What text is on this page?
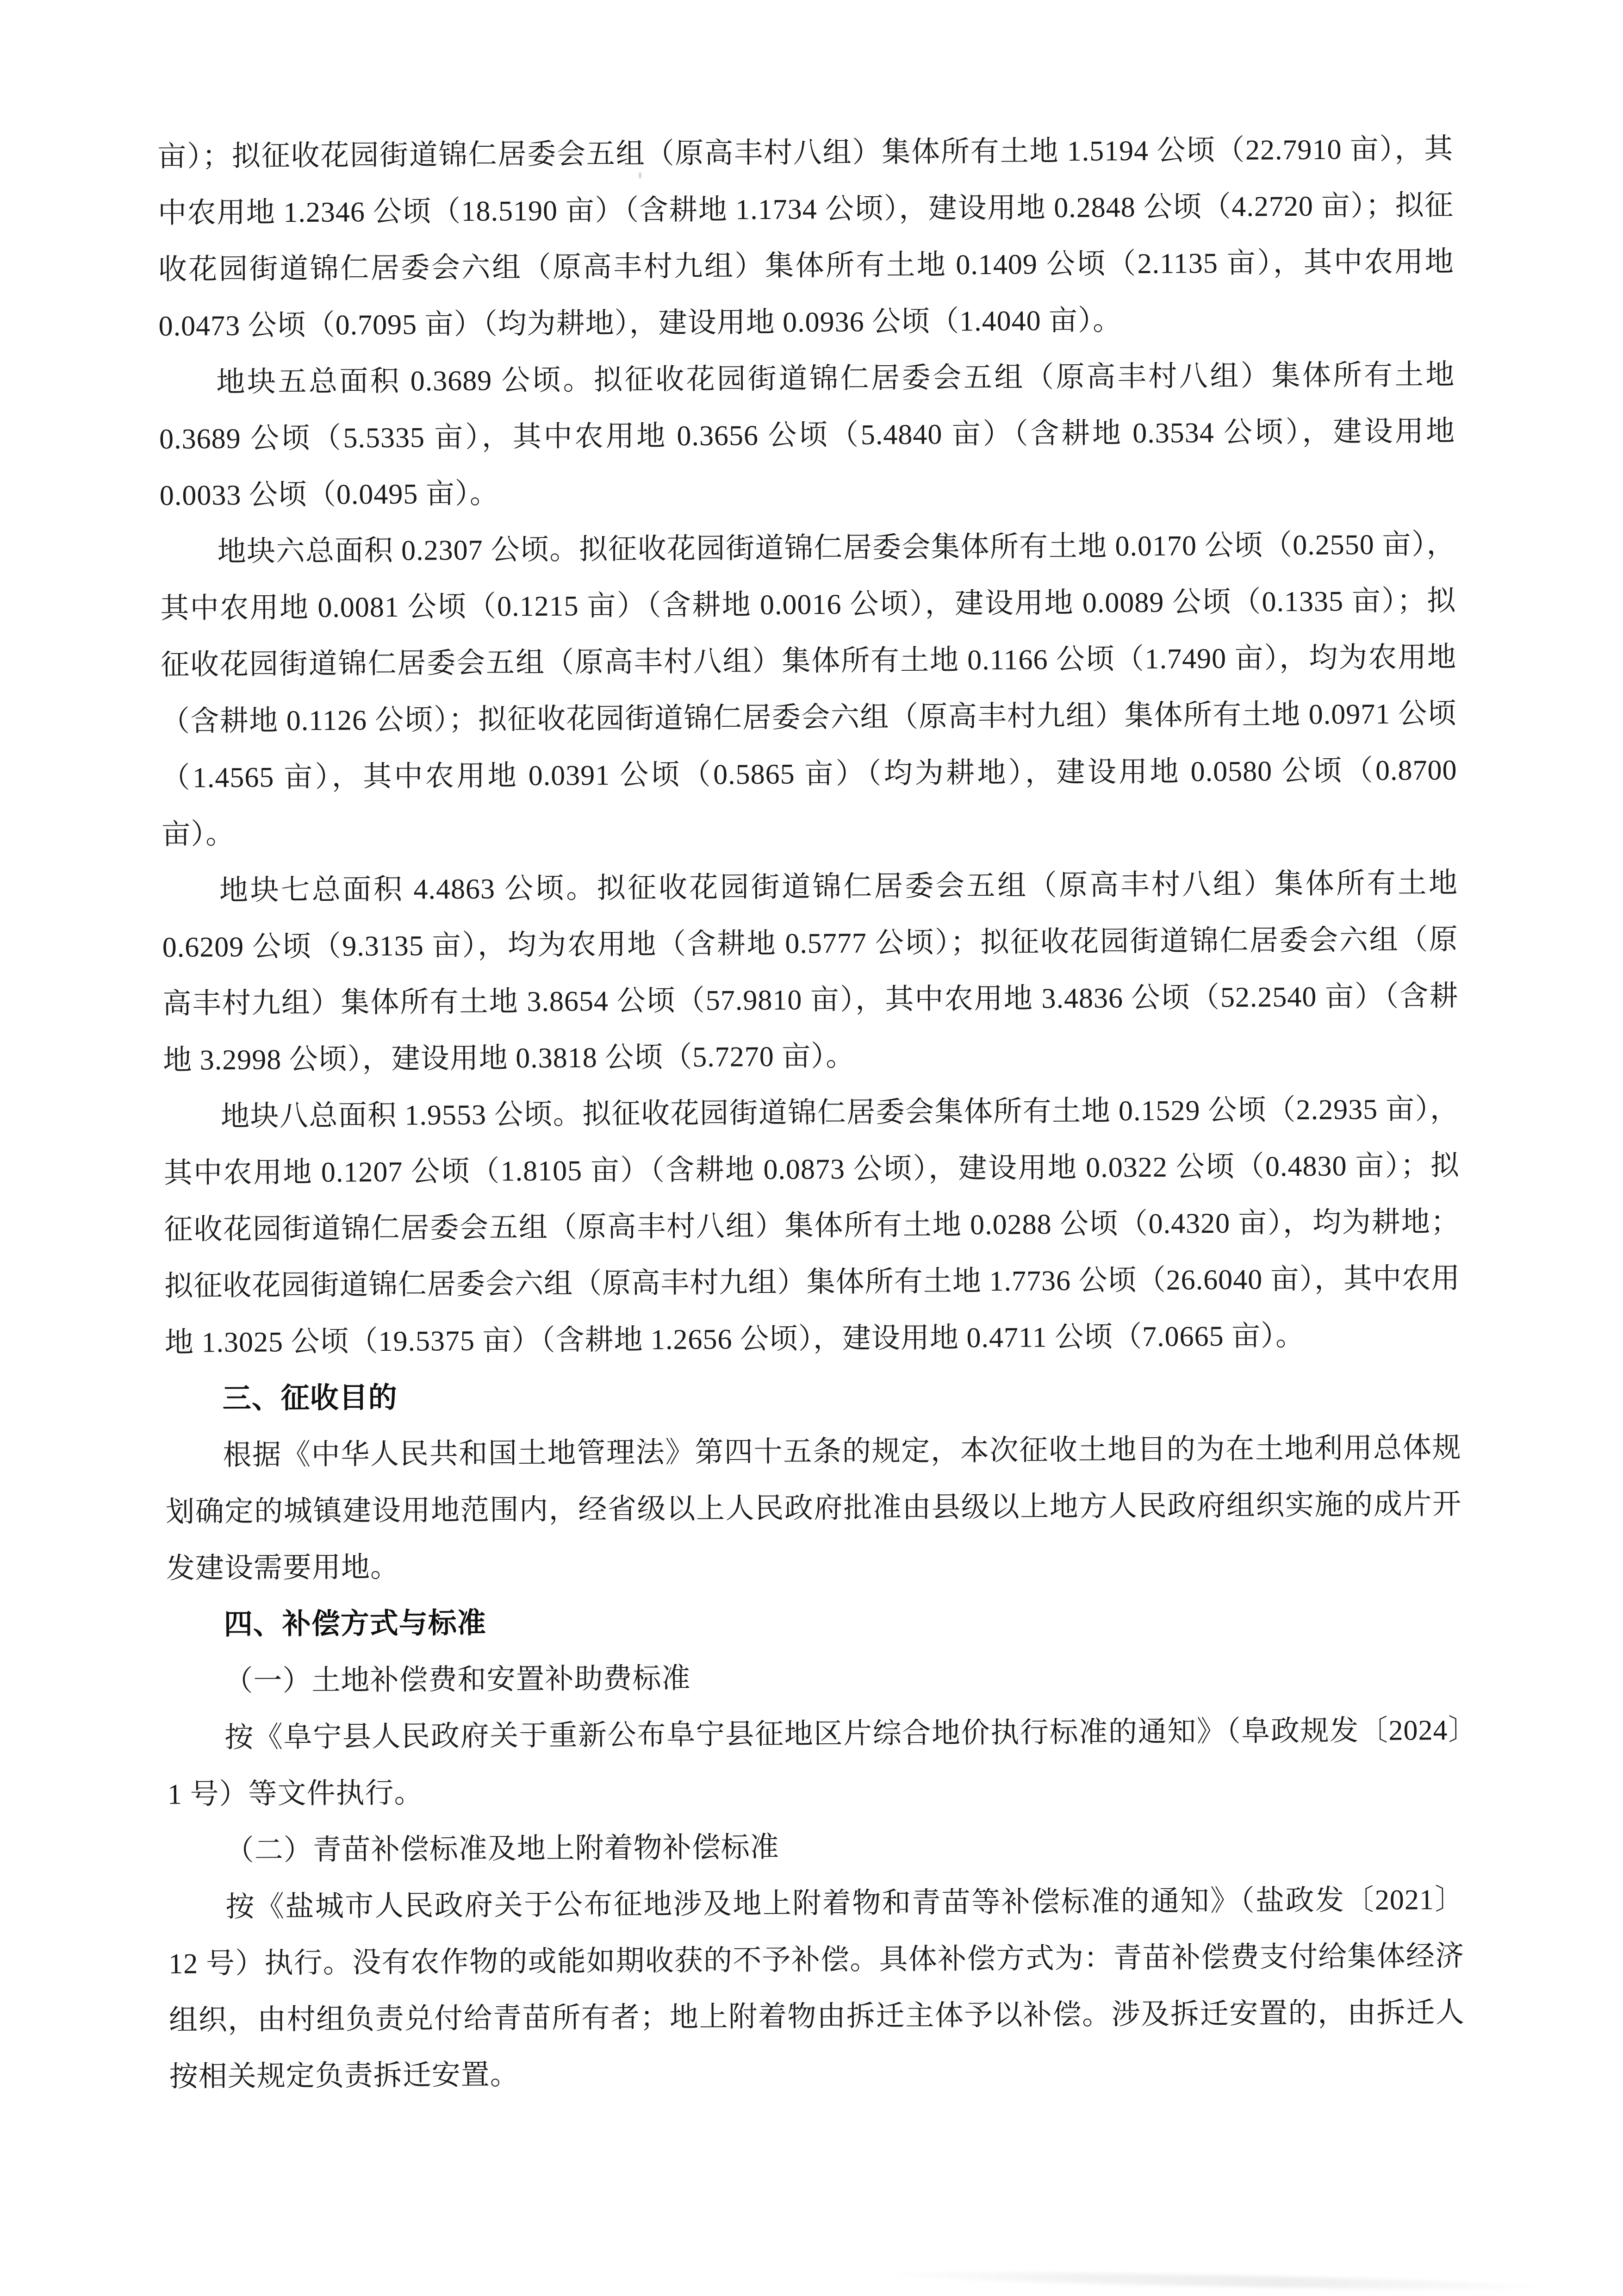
亩）；拟征收花园街道锦仁居委会五组（原高丰村八组）集体所有土地 1.5194 公顷（22.7910 亩），其中农用地 1.2346 公顷（18.5190 亩）（含耕地 1.1734 公顷），建设用地 0.2848 公顷（4.2720 亩）；拟征收花园街道锦仁居委会六组（原高丰村九组）集体所有土地 0.1409 公顷（2.1135 亩），其中农用地 0.0473 公顷（0.7095 亩）（均为耕地），建设用地 0.0936 公顷（1.4040 亩）。

地块五总面积 0.3689 公顷。拟征收花园街道锦仁居委会五组（原高丰村八组）集体所有土地 0.3689 公顷（5.5335 亩），其中农用地 0.3656 公顷（5.4840 亩）（含耕地 0.3534 公顷），建设用地 0.0033 公顷（0.0495 亩）。

地块六总面积 0.2307 公顷。拟征收花园街道锦仁居委会集体所有土地 0.0170 公顷（0.2550 亩），其中农用地 0.0081 公顷（0.1215 亩）（含耕地 0.0016 公顷），建设用地 0.0089 公顷（0.1335 亩）；拟征收花园街道锦仁居委会五组（原高丰村八组）集体所有土地 0.1166 公顷（1.7490 亩），均为农用地（含耕地 0.1126 公顷）；拟征收花园街道锦仁居委会六组（原高丰村九组）集体所有土地 0.0971 公顷（1.4565 亩），其中农用地 0.0391 公顷（0.5865 亩）（均为耕地），建设用地 0.0580 公顷（0.8700 亩）。

地块七总面积 4.4863 公顷。拟征收花园街道锦仁居委会五组（原高丰村八组）集体所有土地 0.6209 公顷（9.3135 亩），均为农用地（含耕地 0.5777 公顷）；拟征收花园街道锦仁居委会六组（原高丰村九组）集体所有土地 3.8654 公顷（57.9810 亩），其中农用地 3.4836 公顷（52.2540 亩）（含耕地 3.2998 公顷），建设用地 0.3818 公顷（5.7270 亩）。

地块八总面积 1.9553 公顷。拟征收花园街道锦仁居委会集体所有土地 0.1529 公顷（2.2935 亩），其中农用地 0.1207 公顷（1.8105 亩）（含耕地 0.0873 公顷），建设用地 0.0322 公顷（0.4830 亩）；拟征收花园街道锦仁居委会五组（原高丰村八组）集体所有土地 0.0288 公顷（0.4320 亩），均为耕地；拟征收花园街道锦仁居委会六组（原高丰村九组）集体所有土地 1.7736 公顷（26.6040 亩），其中农用地 1.3025 公顷（19.5375 亩）（含耕地 1.2656 公顷），建设用地 0.4711 公顷（7.0665 亩）。

三、征收目的

根据《中华人民共和国土地管理法》第四十五条的规定，本次征收土地目的为在土地利用总体规划确定的城镇建设用地范围内，经省级以上人民政府批准由县级以上地方人民政府组织实施的成片开发建设需要用地。

四、补偿方式与标准

（一）土地补偿费和安置补助费标准

按《阜宁县人民政府关于重新公布阜宁县征地区片综合地价执行标准的通知》（阜政规发〔2024〕1 号）等文件执行。

（二）青苗补偿标准及地上附着物补偿标准

按《盐城市人民政府关于公布征地涉及地上附着物和青苗等补偿标准的通知》（盐政发〔2021〕12 号）执行。没有农作物的或能如期收获的不予补偿。具体补偿方式为：青苗补偿费支付给集体经济组织，由村组负责兑付给青苗所有者；地上附着物由拆迁主体予以补偿。涉及拆迁安置的，由拆迁人按相关规定负责拆迁安置。
